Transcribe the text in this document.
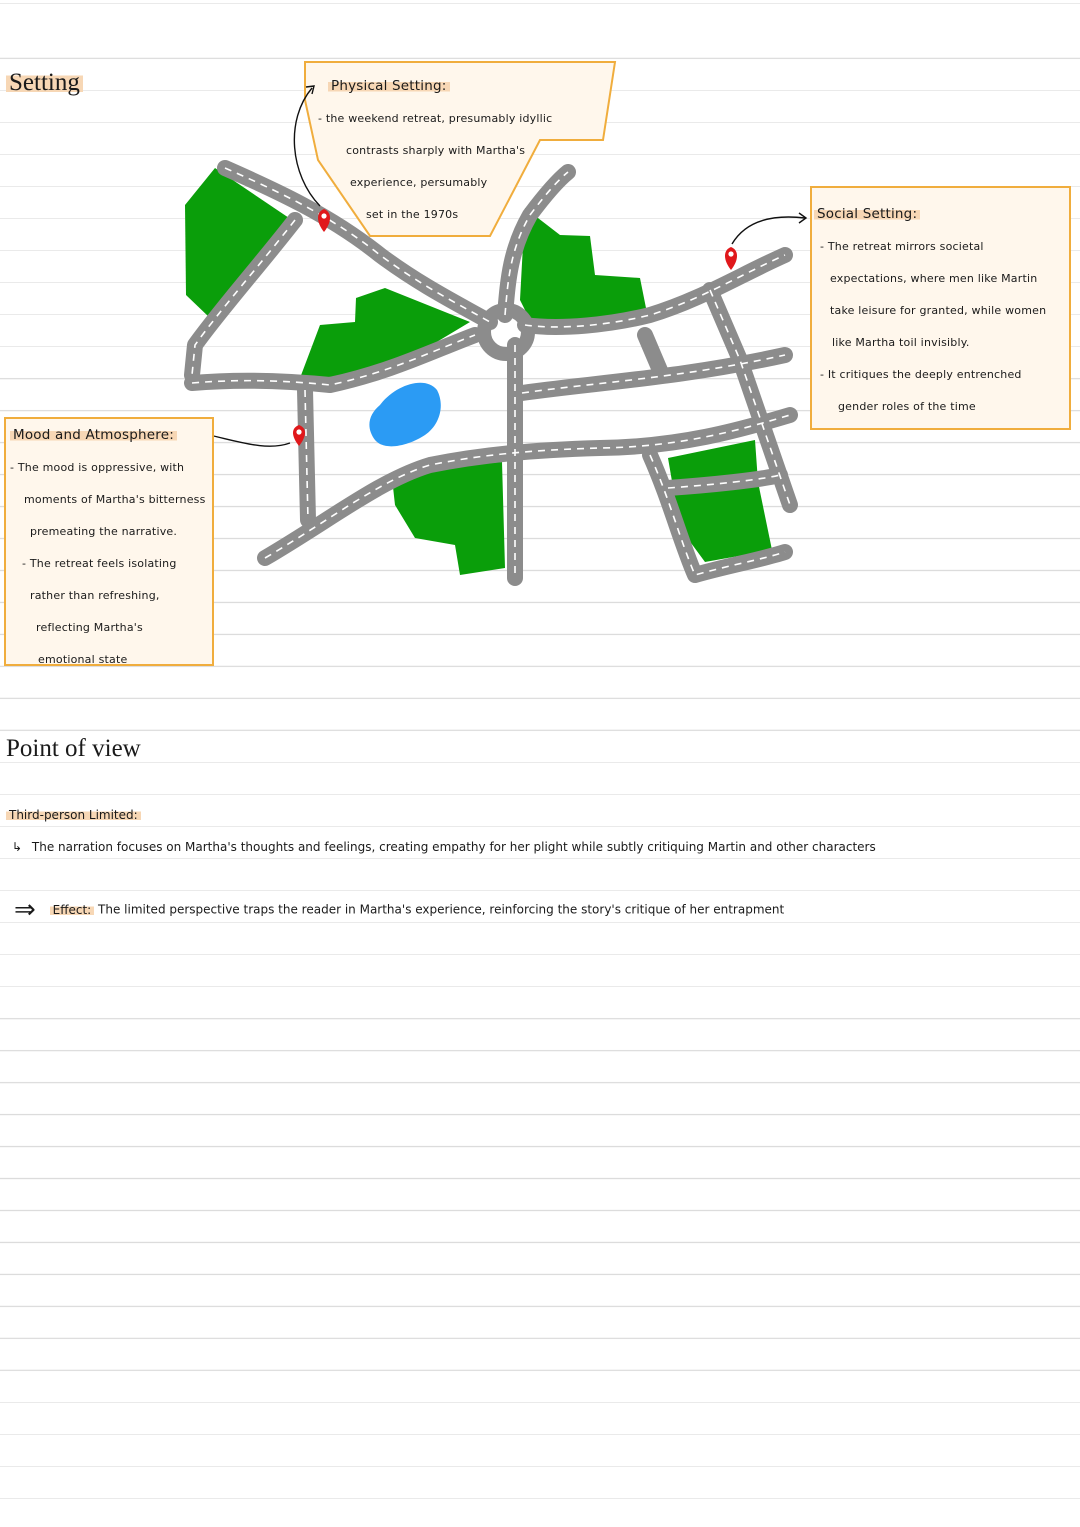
Setting
Point of view
Physical Setting:
- the weekend retreat, presumably idyllic
contrasts sharply with Martha's
experience, persumably
set in the 1970s	Social Setting:
- The retreat mirrors societal
expectations, where men like Martin
take leisure for granted, while women
like Martha toil invisibly.
- It critiques the deeply entrenched
gender roles of the time
Mood and Atmosphere:
- The mood is oppressive, with
moments of Martha's bitterness
premeating the narrative.
- The retreat feels isolating
rather than refreshing,
reflecting Martha's
emotional state
Third-person Limited:
↳ The narration focuses on Martha's thoughts and feelings, creating empathy for her plight while subtly critiquing Martin and other characters
⇒ Effect: The limited perspective traps the reader in Martha's experience, reinforcing the story's critique of her entrapment
